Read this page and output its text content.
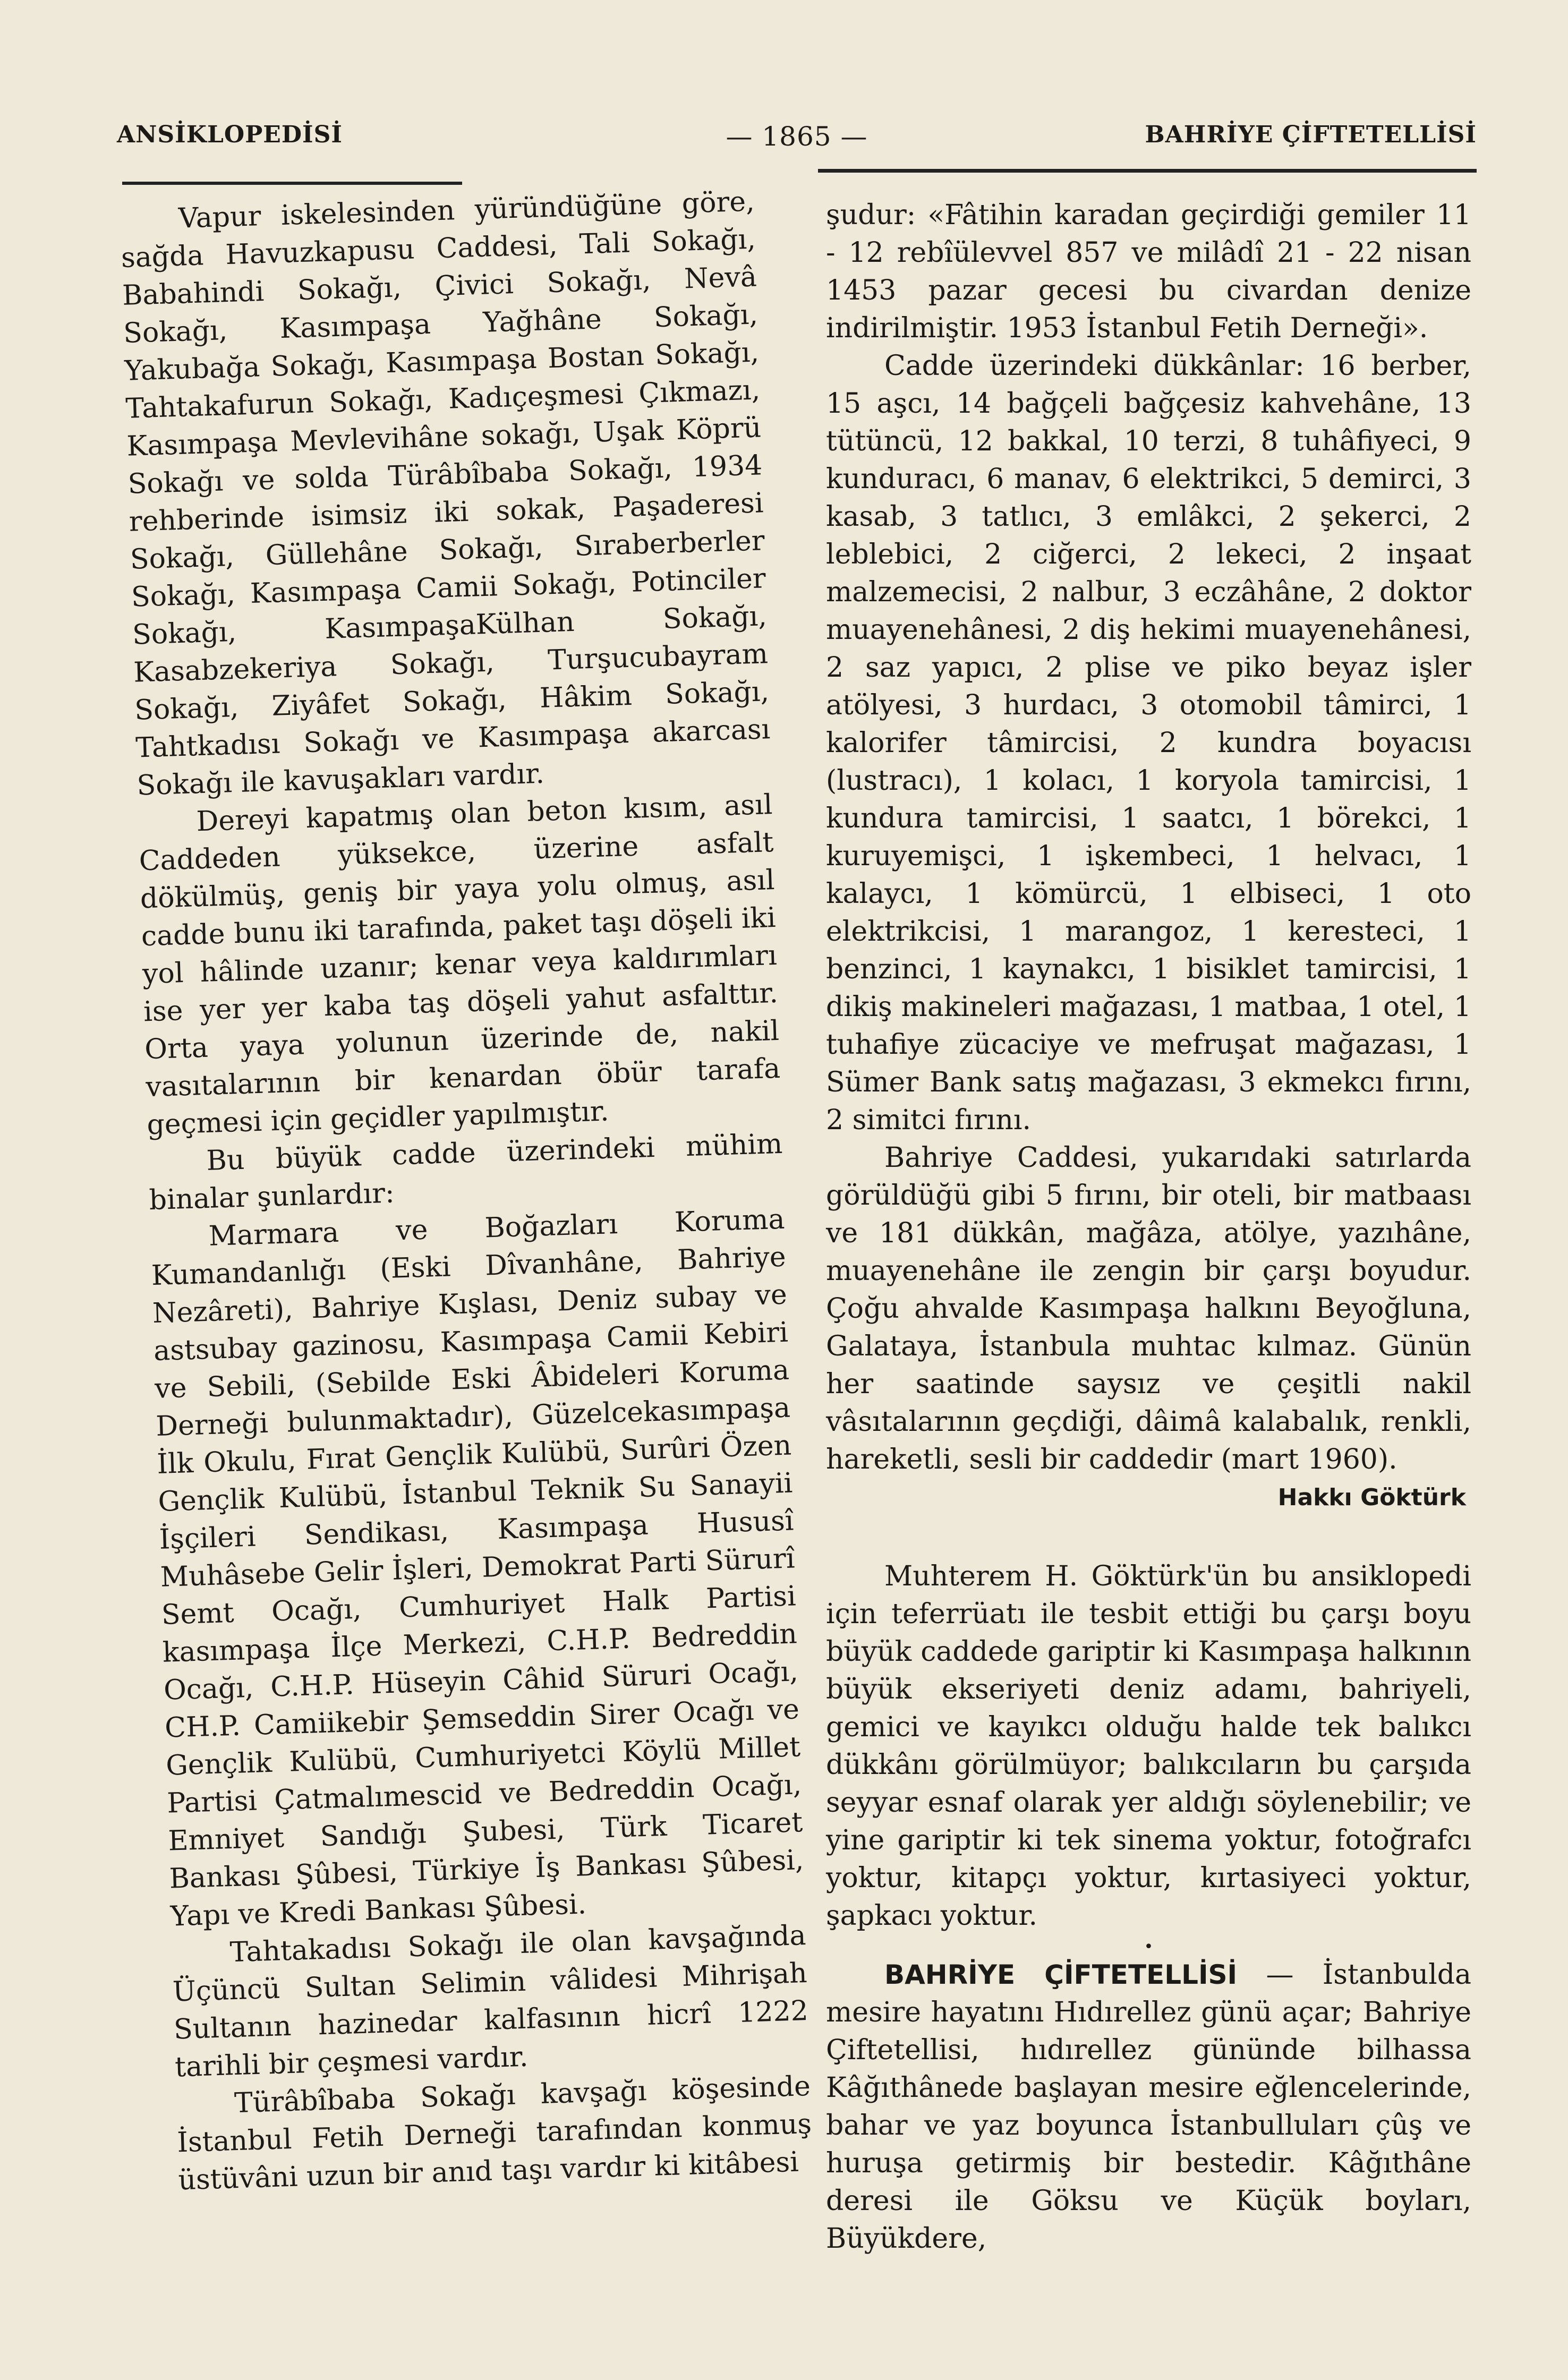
— 1865 —
ANSİKLOPEDİSİ	BAHRİYE ÇİFTETELLİSİ

Vapur iskelesinden yüründüğüne göre, sağda Havuzkapusu Caddesi, Tali Sokağı, Babahindi Sokağı, Çivici Sokağı, Nevâ Sokağı, Kasımpaşa Yağhâne Sokağı, Yakubağa Sokağı, Kasımpaşa Bostan Sokağı, Tahtakafurun Sokağı, Kadıçeşmesi Çıkmazı, Kasımpaşa Mevlevihâne sokağı, Uşak Köprü Sokağı ve solda Türâbîbaba Sokağı, 1934 rehberinde isimsiz iki sokak, Paşaderesi Sokağı, Güllehâne Sokağı, Sıraberberler Sokağı, Kasımpaşa Camii Sokağı, Potinciler Sokağı, KasımpaşaKülhan Sokağı, Kasabzekeriya Sokağı, Turşucubayram Sokağı, Ziyâfet Sokağı, Hâkim Sokağı, Tahtkadısı Sokağı ve Kasımpaşa akarcası Sokağı ile kavuşakları vardır.

Dereyi kapatmış olan beton kısım, asıl Caddeden yüksekce, üzerine asfalt dökülmüş, geniş bir yaya yolu olmuş, asıl cadde bunu iki tarafında, paket taşı döşeli iki yol hâlinde uzanır; kenar veya kaldırımları ise yer yer kaba taş döşeli yahut asfalttır. Orta yaya yolunun üzerinde de, nakil vasıtalarının bir kenardan öbür tarafa geçmesi için geçidler yapılmıştır.

Bu büyük cadde üzerindeki mühim binalar şunlardır:

Marmara ve Boğazları Koruma Kumandanlığı (Eski Dîvanhâne, Bahriye Nezâreti), Bahriye Kışlası, Deniz subay ve astsubay gazinosu, Kasımpaşa Camii Kebiri ve Sebili, (Sebilde Eski Âbideleri Koruma Derneği bulunmaktadır), Güzelcekasımpaşa İlk Okulu, Fırat Gençlik Kulübü, Surûri Özen Gençlik Kulübü, İstanbul Teknik Su Sanayii İşçileri Sendikası, Kasımpaşa Hususî Muhâsebe Gelir İşleri, Demokrat Parti Sürurî Semt Ocağı, Cumhuriyet Halk Partisi kasımpaşa İlçe Merkezi, C.H.P. Bedreddin Ocağı, C.H.P. Hüseyin Câhid Süruri Ocağı, CH.P. Camiikebir Şemseddin Sirer Ocağı ve Gençlik Kulübü, Cumhuriyetci Köylü Millet Partisi Çatmalımescid ve Bedreddin Ocağı, Emniyet Sandığı Şubesi, Türk Ticaret Bankası Şûbesi, Türkiye İş Bankası Şûbesi, Yapı ve Kredi Bankası Şûbesi.

Tahtakadısı Sokağı ile olan kavşağında Üçüncü Sultan Selimin vâlidesi Mihrişah Sultanın hazinedar kalfasının hicrî 1222 tarihli bir çeşmesi vardır.

Türâbîbaba Sokağı kavşağı köşesinde İstanbul Fetih Derneği tarafından konmuş üstüvâni uzun bir anıd taşı vardır ki kitâbesi

şudur: «Fâtihin karadan geçirdiği gemiler 11 - 12 rebîülevvel 857 ve milâdî 21 - 22 nisan 1453 pazar gecesi bu civardan denize indirilmiştir. 1953 İstanbul Fetih Derneği».

Cadde üzerindeki dükkânlar: 16 berber, 15 aşcı, 14 bağçeli bağçesiz kahvehâne, 13 tütüncü, 12 bakkal, 10 terzi, 8 tuhâfiyeci, 9 kunduracı, 6 manav, 6 elektrikci, 5 demirci, 3 kasab, 3 tatlıcı, 3 emlâkci, 2 şekerci, 2 leblebici, 2 ciğerci, 2 lekeci, 2 inşaat malzemecisi, 2 nalbur, 3 eczâhâne, 2 doktor muayenehânesi, 2 diş hekimi muayenehânesi, 2 saz yapıcı, 2 plise ve piko beyaz işler atölyesi, 3 hurdacı, 3 otomobil tâmirci, 1 kalorifer tâmircisi, 2 kundra boyacısı (lustracı), 1 kolacı, 1 koryola tamircisi, 1 kundura tamircisi, 1 saatcı, 1 börekci, 1 kuruyemişci, 1 işkembeci, 1 helvacı, 1 kalaycı, 1 kömürcü, 1 elbiseci, 1 oto elektrikcisi, 1 marangoz, 1 keresteci, 1 benzinci, 1 kaynakcı, 1 bisiklet tamircisi, 1 dikiş makineleri mağazası, 1 matbaa, 1 otel, 1 tuhafiye zücaciye ve mefruşat mağazası, 1 Sümer Bank satış mağazası, 3 ekmekcı fırını, 2 simitci fırını.

Bahriye Caddesi, yukarıdaki satırlarda görüldüğü gibi 5 fırını, bir oteli, bir matbaası ve 181 dükkân, mağâza, atölye, yazıhâne, muayenehâne ile zengin bir çarşı boyudur. Çoğu ahvalde Kasımpaşa halkını Beyoğluna, Galataya, İstanbula muhtac kılmaz. Günün her saatinde saysız ve çeşitli nakil vâsıtalarının geçdiği, dâimâ kalabalık, renkli, hareketli, sesli bir caddedir (mart 1960).

Hakkı Göktürk

Muhterem H. Göktürk'ün bu ansiklopedi için teferrüatı ile tesbit ettiği bu çarşı boyu büyük caddede gariptir ki Kasımpaşa halkının büyük ekseriyeti deniz adamı, bahriyeli, gemici ve kayıkcı olduğu halde tek balıkcı dükkânı görülmüyor; balıkcıların bu çarşıda seyyar esnaf olarak yer aldığı söylenebilir; ve yine gariptir ki tek sinema yoktur, fotoğrafcı yoktur, kitapçı yoktur, kırtasiyeci yoktur, şapkacı yoktur.

•

BAHRİYE ÇİFTETELLİSİ — İstanbulda mesire hayatını Hıdırellez günü açar; Bahriye Çiftetellisi, hıdırellez gününde bilhassa Kâğıthânede başlayan mesire eğlencelerinde, bahar ve yaz boyunca İstanbulluları çûş ve huruşa getirmiş bir bestedir. Kâğıthâne deresi ile Göksu ve Küçük boyları, Büyükdere,
